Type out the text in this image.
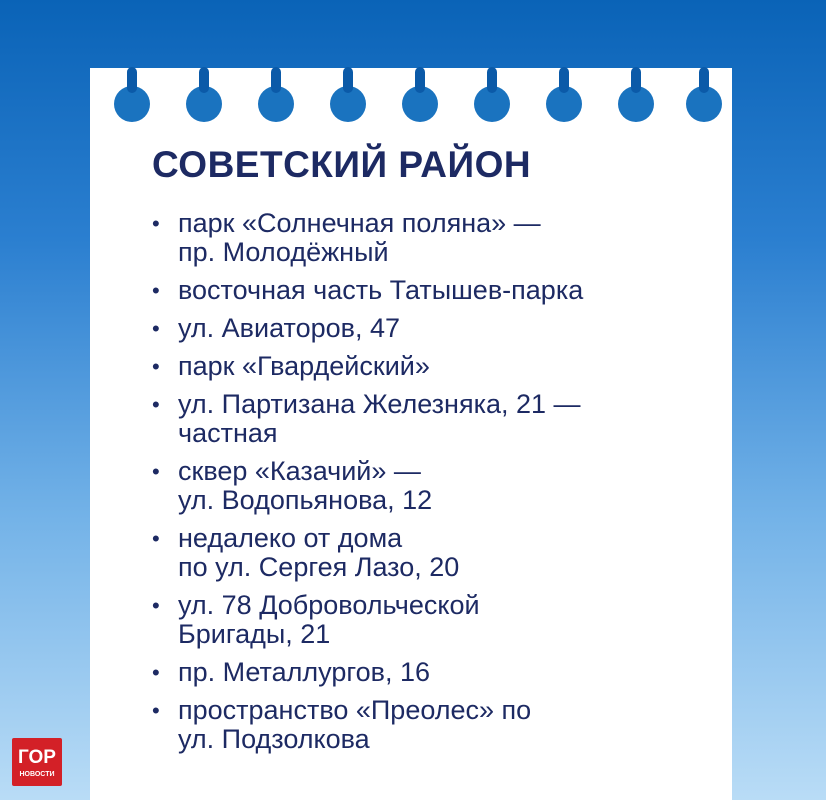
СОВЕТСКИЙ РАЙОН
• парк «Солнечная поляна» —
пр. Молодёжный
• восточная часть Татышев-парка
• ул. Авиаторов, 47
• парк «Гвардейский»
• ул. Партизана Железняка, 21 —
частная
• сквер «Казачий» —
ул. Водопьянова, 12
• недалеко от дома
по ул. Сергея Лазо, 20
• ул. 78 Добровольческой
Бригады, 21
• пр. Металлургов, 16
• пространство «Преолес» по
ул. Подзолкова
ГОР
НОВОСТИ
